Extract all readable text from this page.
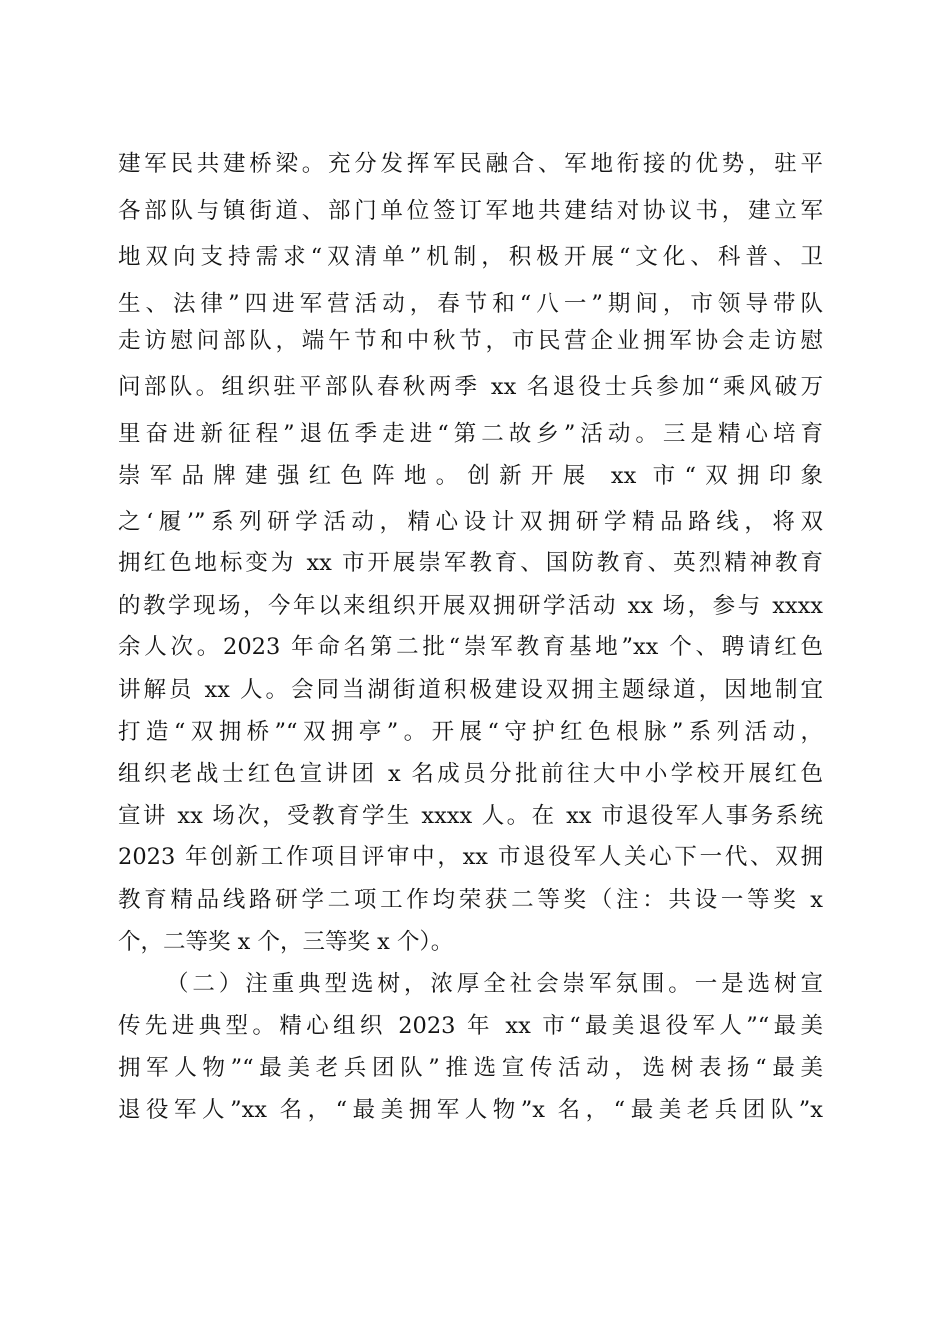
建军民共建桥梁。充分发挥军民融合、军地衔接的优势，驻平
各部队与镇街道、部门单位签订军地共建结对协议书，建立军
地双向支持需求“双清单”机制，积极开展“文化、科普、卫
生、法律”四进军营活动，春节和“八一”期间，市领导带队
走访慰问部队，端午节和中秋节，市民营企业拥军协会走访慰
问部队。组织驻平部队春秋两季 xx 名退役士兵参加“乘风破万
里奋进新征程”退伍季走进“第二故乡”活动。三是精心培育
崇军品牌建强红色阵地。创新开展 xx 市“双拥印象
之‘履’”系列研学活动，精心设计双拥研学精品路线，将双
拥红色地标变为 xx 市开展崇军教育、国防教育、英烈精神教育
的教学现场，今年以来组织开展双拥研学活动 xx 场，参与 xxxx
余人次。2023 年命名第二批“崇军教育基地”xx 个、聘请红色
讲解员 xx 人。会同当湖街道积极建设双拥主题绿道，因地制宜
打造“双拥桥”“双拥亭”。开展“守护红色根脉”系列活动，
组织老战士红色宣讲团 x 名成员分批前往大中小学校开展红色
宣讲 xx 场次，受教育学生 xxxx 人。在 xx 市退役军人事务系统
2023 年创新工作项目评审中，xx 市退役军人关心下一代、双拥
教育精品线路研学二项工作均荣获二等奖（注：共设一等奖 x
个，二等奖 x 个，三等奖 x 个）。
（二）注重典型选树，浓厚全社会崇军氛围。一是选树宣
传先进典型。精心组织 2023 年 xx 市“最美退役军人”“最美
拥军人物”“最美老兵团队”推选宣传活动，选树表扬“最美
退役军人”xx 名，“最美拥军人物”x 名，“最美老兵团队”x
